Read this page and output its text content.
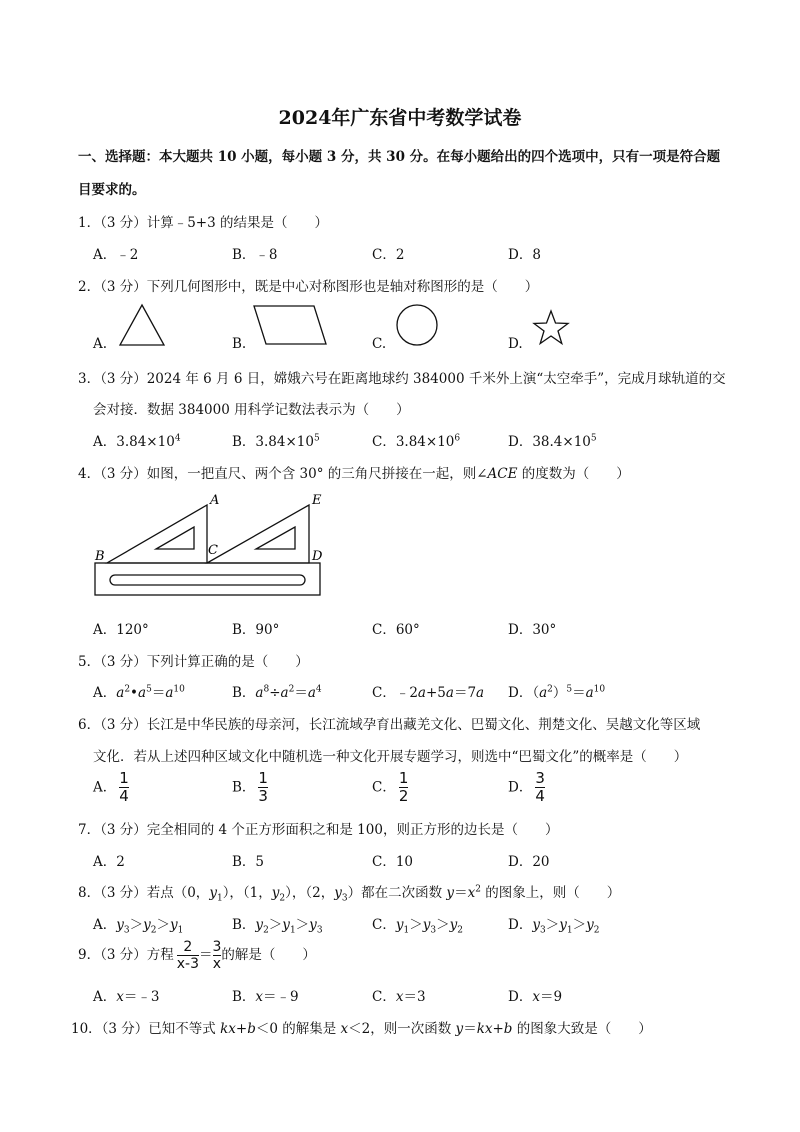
2024年广东省中考数学试卷
一、选择题：本大题共 10 小题，每小题 3 分，共 30 分。在每小题给出的四个选项中，只有一项是符合题
目要求的。
1．（3 分）计算﹣5+3 的结果是（　　）
A．﹣2	B．﹣8	C．2	D．8
2．（3 分）下列几何图形中，既是中心对称图形也是轴对称图形的是（　　）
A.	B.	C.	D.
3．（3 分）2024 年 6 月 6 日，嫦娥六号在距离地球约 384000 千米外上演“太空牵手”，完成月球轨道的交
会对接．数据 384000 用科学记数法表示为（　　）
A．$3.84\times 10^4$	B．$3.84\times 10^5$	C．$3.84\times 10^6$	D．$38.4\times 10^5$
4．（3 分）如图，一把直尺、两个含 30° 的三角尺拼接在一起，则∠ACE 的度数为（　　）
A
B	C	D
E
A．120°	B．90°	C．60°	D．30°
5．（3 分）下列计算正确的是（　　）
A．$a^2•a^5=a^{10}$	B．$a^8\div a^2=a^4$	C．﹣2a+5a＝7a D．$(a^2)^5=a^{10}$
6．（3 分）长江是中华民族的母亲河，长江流域孕育出藏羌文化、巴蜀文化、荆楚文化、吴越文化等区域
文化．若从上述四种区域文化中随机选一种文化开展专题学习，则选中“巴蜀文化”的概率是（　　）
A． $\frac{1}{4}$	B． $\frac{1}{3}$	C． $\frac{1}{2}$	D． $\frac{3}{4}$
7．（3 分）完全相同的 4 个正方形面积之和是 100，则正方形的边长是（　　）
A．2	B．5	C．10	D．20
8．（3 分）若点（0，$y_1$），（1，$y_2$），（2，$y_3$）都在二次函数 $y=x^2$ 的图象上，则（　　）
A．$y_3>y_2>y_1$	B．$y_2>y_1>y_3$	C．$y_1>y_3>y_2$	D．$y_3>y_1>y_2$
9．（3 分）方程 $\frac{2}{x-3} = \frac{3}{x}$ 的解是（　　）
A．x＝﹣3	B．x＝﹣9	C．x＝3	D．x＝9
10．（3 分）已知不等式 kx+b＜0 的解集是 x＜2，则一次函数 y＝kx+b 的图象大致是（　　）
